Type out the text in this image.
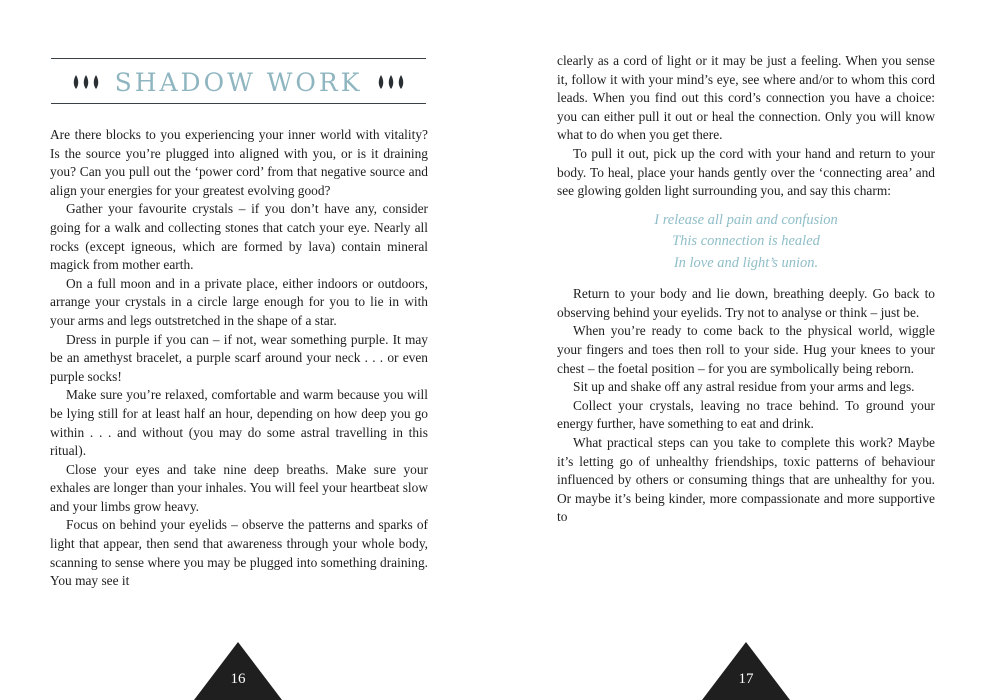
SHADOW WORK

Are there blocks to you experiencing your inner world with vitality? Is the source you’re plugged into aligned with you, or is it draining you? Can you pull out the ‘power cord’ from that negative source and align your energies for your greatest evolving good?

Gather your favourite crystals – if you don’t have any, consider going for a walk and collecting stones that catch your eye. Nearly all rocks (except igneous, which are formed by lava) contain mineral magick from mother earth.

On a full moon and in a private place, either indoors or outdoors, arrange your crystals in a circle large enough for you to lie in with your arms and legs outstretched in the shape of a star.

Dress in purple if you can – if not, wear something purple. It may be an amethyst bracelet, a purple scarf around your neck . . . or even purple socks!

Make sure you’re relaxed, comfortable and warm because you will be lying still for at least half an hour, depending on how deep you go within . . . and without (you may do some astral travelling in this ritual).

Close your eyes and take nine deep breaths. Make sure your exhales are longer than your inhales. You will feel your heartbeat slow and your limbs grow heavy.

Focus on behind your eyelids – observe the patterns and sparks of light that appear, then send that awareness through your whole body, scanning to sense where you may be plugged into something draining. You may see it

16

clearly as a cord of light or it may be just a feeling. When you sense it, follow it with your mind’s eye, see where and/or to whom this cord leads. When you find out this cord’s connection you have a choice: you can either pull it out or heal the connection. Only you will know what to do when you get there.

To pull it out, pick up the cord with your hand and return to your body. To heal, place your hands gently over the ‘connecting area’ and see glowing golden light surrounding you, and say this charm:

I release all pain and confusion
This connection is healed
In love and light’s union.

Return to your body and lie down, breathing deeply. Go back to observing behind your eyelids. Try not to analyse or think – just be.

When you’re ready to come back to the physical world, wiggle your fingers and toes then roll to your side. Hug your knees to your chest – the foetal position – for you are symbolically being reborn.

Sit up and shake off any astral residue from your arms and legs.

Collect your crystals, leaving no trace behind. To ground your energy further, have something to eat and drink.

What practical steps can you take to complete this work? Maybe it’s letting go of unhealthy friendships, toxic patterns of behaviour influenced by others or consuming things that are unhealthy for you. Or maybe it’s being kinder, more compassionate and more supportive to

17
